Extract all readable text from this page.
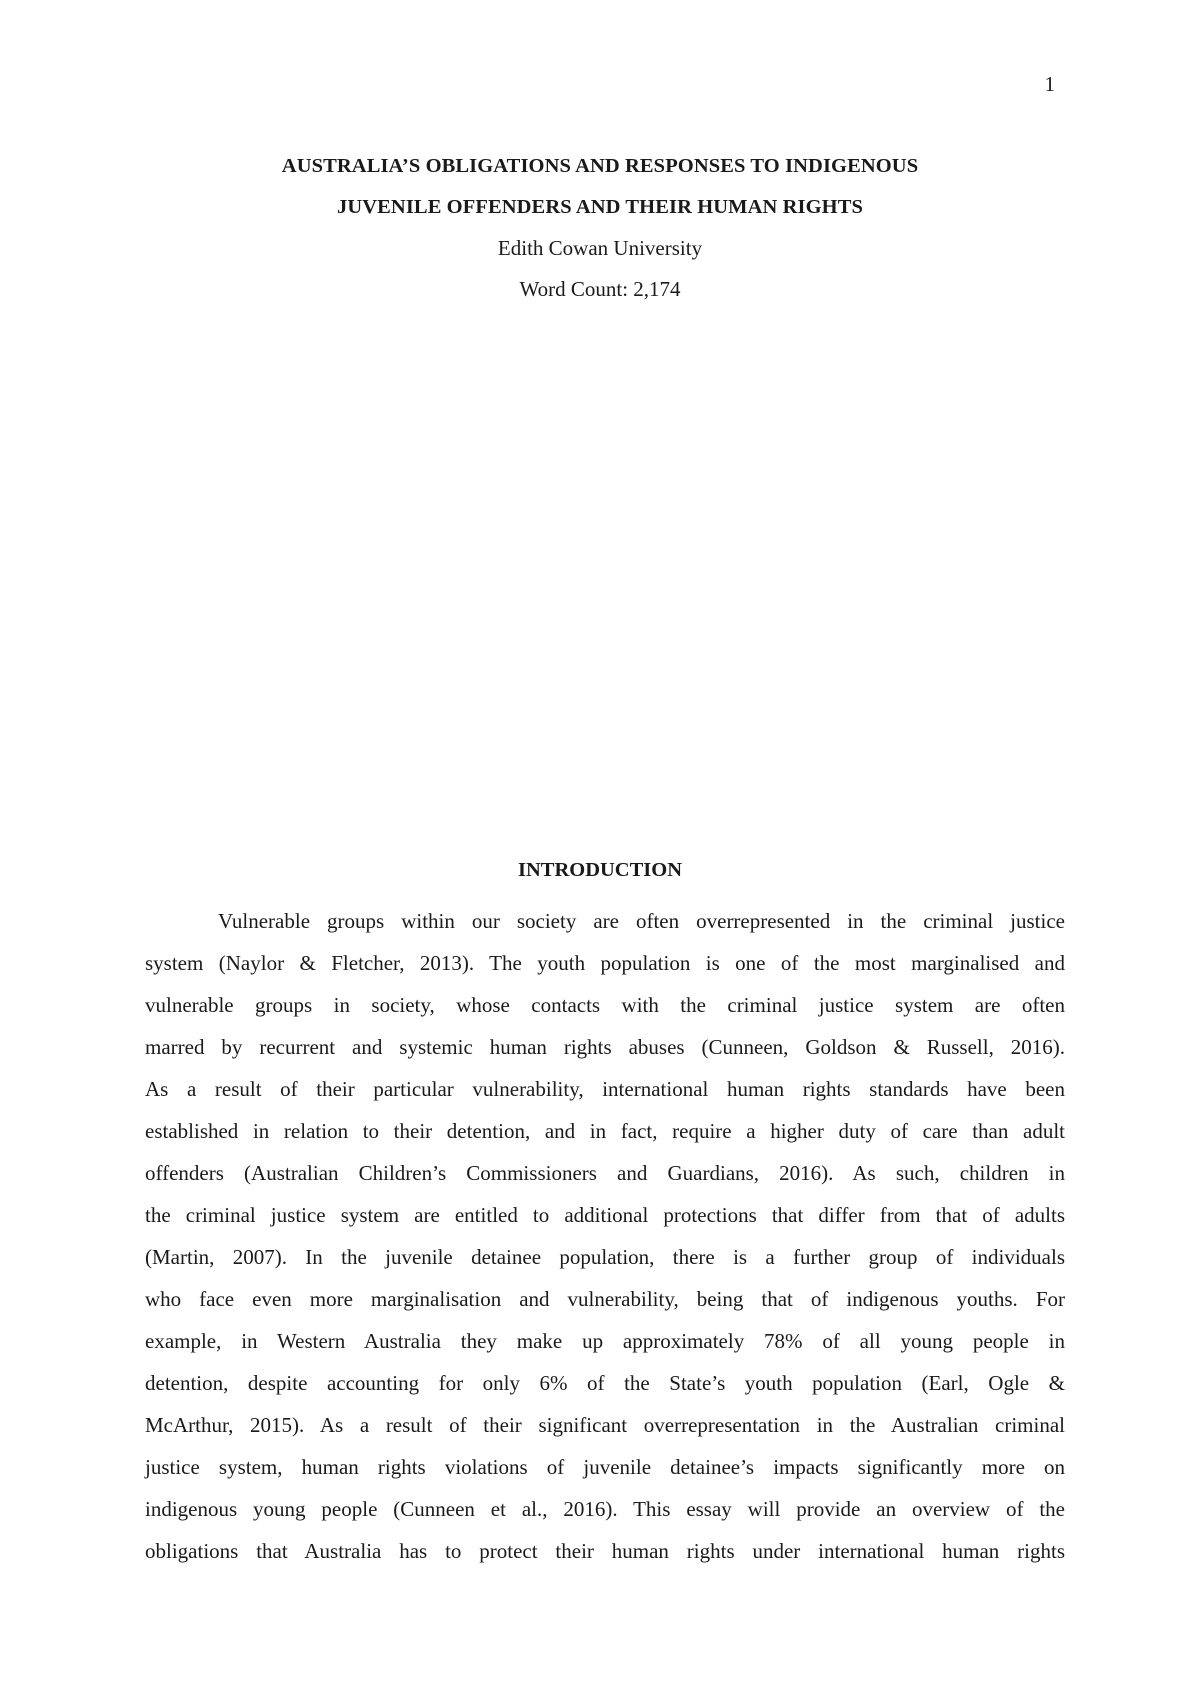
1
AUSTRALIA’S OBLIGATIONS AND RESPONSES TO INDIGENOUS
JUVENILE OFFENDERS AND THEIR HUMAN RIGHTS
Edith Cowan University
Word Count: 2,174
INTRODUCTION
Vulnerable groups within our society are often overrepresented in the criminal justice
system (Naylor & Fletcher, 2013). The youth population is one of the most marginalised and
vulnerable groups in society, whose contacts with the criminal justice system are often
marred by recurrent and systemic human rights abuses (Cunneen, Goldson & Russell, 2016).
As a result of their particular vulnerability, international human rights standards have been
established in relation to their detention, and in fact, require a higher duty of care than adult
offenders (Australian Children’s Commissioners and Guardians, 2016). As such, children in
the criminal justice system are entitled to additional protections that differ from that of adults
(Martin, 2007). In the juvenile detainee population, there is a further group of individuals
who face even more marginalisation and vulnerability, being that of indigenous youths. For
example, in Western Australia they make up approximately 78% of all young people in
detention, despite accounting for only 6% of the State’s youth population (Earl, Ogle &
McArthur, 2015). As a result of their significant overrepresentation in the Australian criminal
justice system, human rights violations of juvenile detainee’s impacts significantly more on
indigenous young people (Cunneen et al., 2016). This essay will provide an overview of the
obligations that Australia has to protect their human rights under international human rights
